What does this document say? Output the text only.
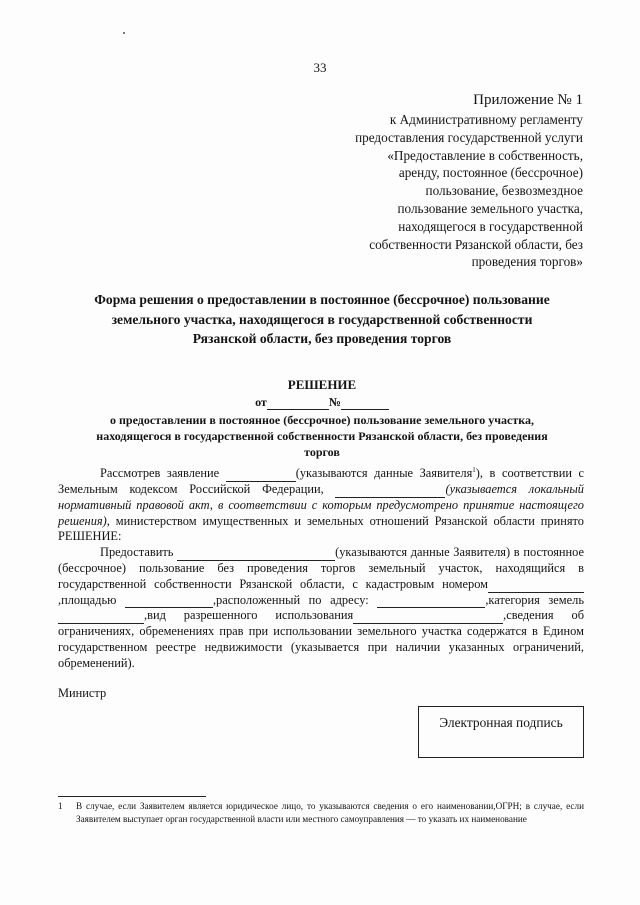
33
Приложение № 1
к Административному регламенту
предоставления государственной услуги
«Предоставление в собственность,
аренду, постоянное (бессрочное)
пользование, безвозмездное
пользование земельного участка,
находящегося в государственной
собственности Рязанской области, без
проведения торгов»
Форма решения о предоставлении в постоянное (бессрочное) пользование
земельного участка, находящегося в государственной собственности
Рязанской области, без проведения торгов
РЕШЕНИЕ
от	№
о предоставлении в постоянное (бессрочное) пользование земельного участка,
находящегося в государственной собственности Рязанской области, без проведения
торгов

Рассмотрев заявление	(указываются данные Заявителя$^1$), в соответствии с Земельным кодексом Российской Федерации,	(указывается локальный нормативный правовой акт, в соответствии с которым предусмотрено принятие настоящего решения), министерством имущественных и земельных отношений Рязанской области принято РЕШЕНИЕ:

Предоставить	(указываются данные Заявителя) в постоянное (бессрочное) пользование без проведения торгов земельный участок, находящийся в государственной собственности Рязанской области, с кадастровым номером,площадью	,расположенный по адресу:	,категория земель,вид разрешенного использования	,сведения об ограничениях, обременениях прав при использовании земельного участка содержатся в Едином государственном реестре недвижимости (указывается при наличии указанных ограничений, обременений).

Министр
Электронная подпись
1 В случае, если Заявителем является юридическое лицо, то указываются сведения о его наименовании,ОГРН; в случае, если Заявителем выступает орган государственной власти или местного самоуправления — то указать их наименование
